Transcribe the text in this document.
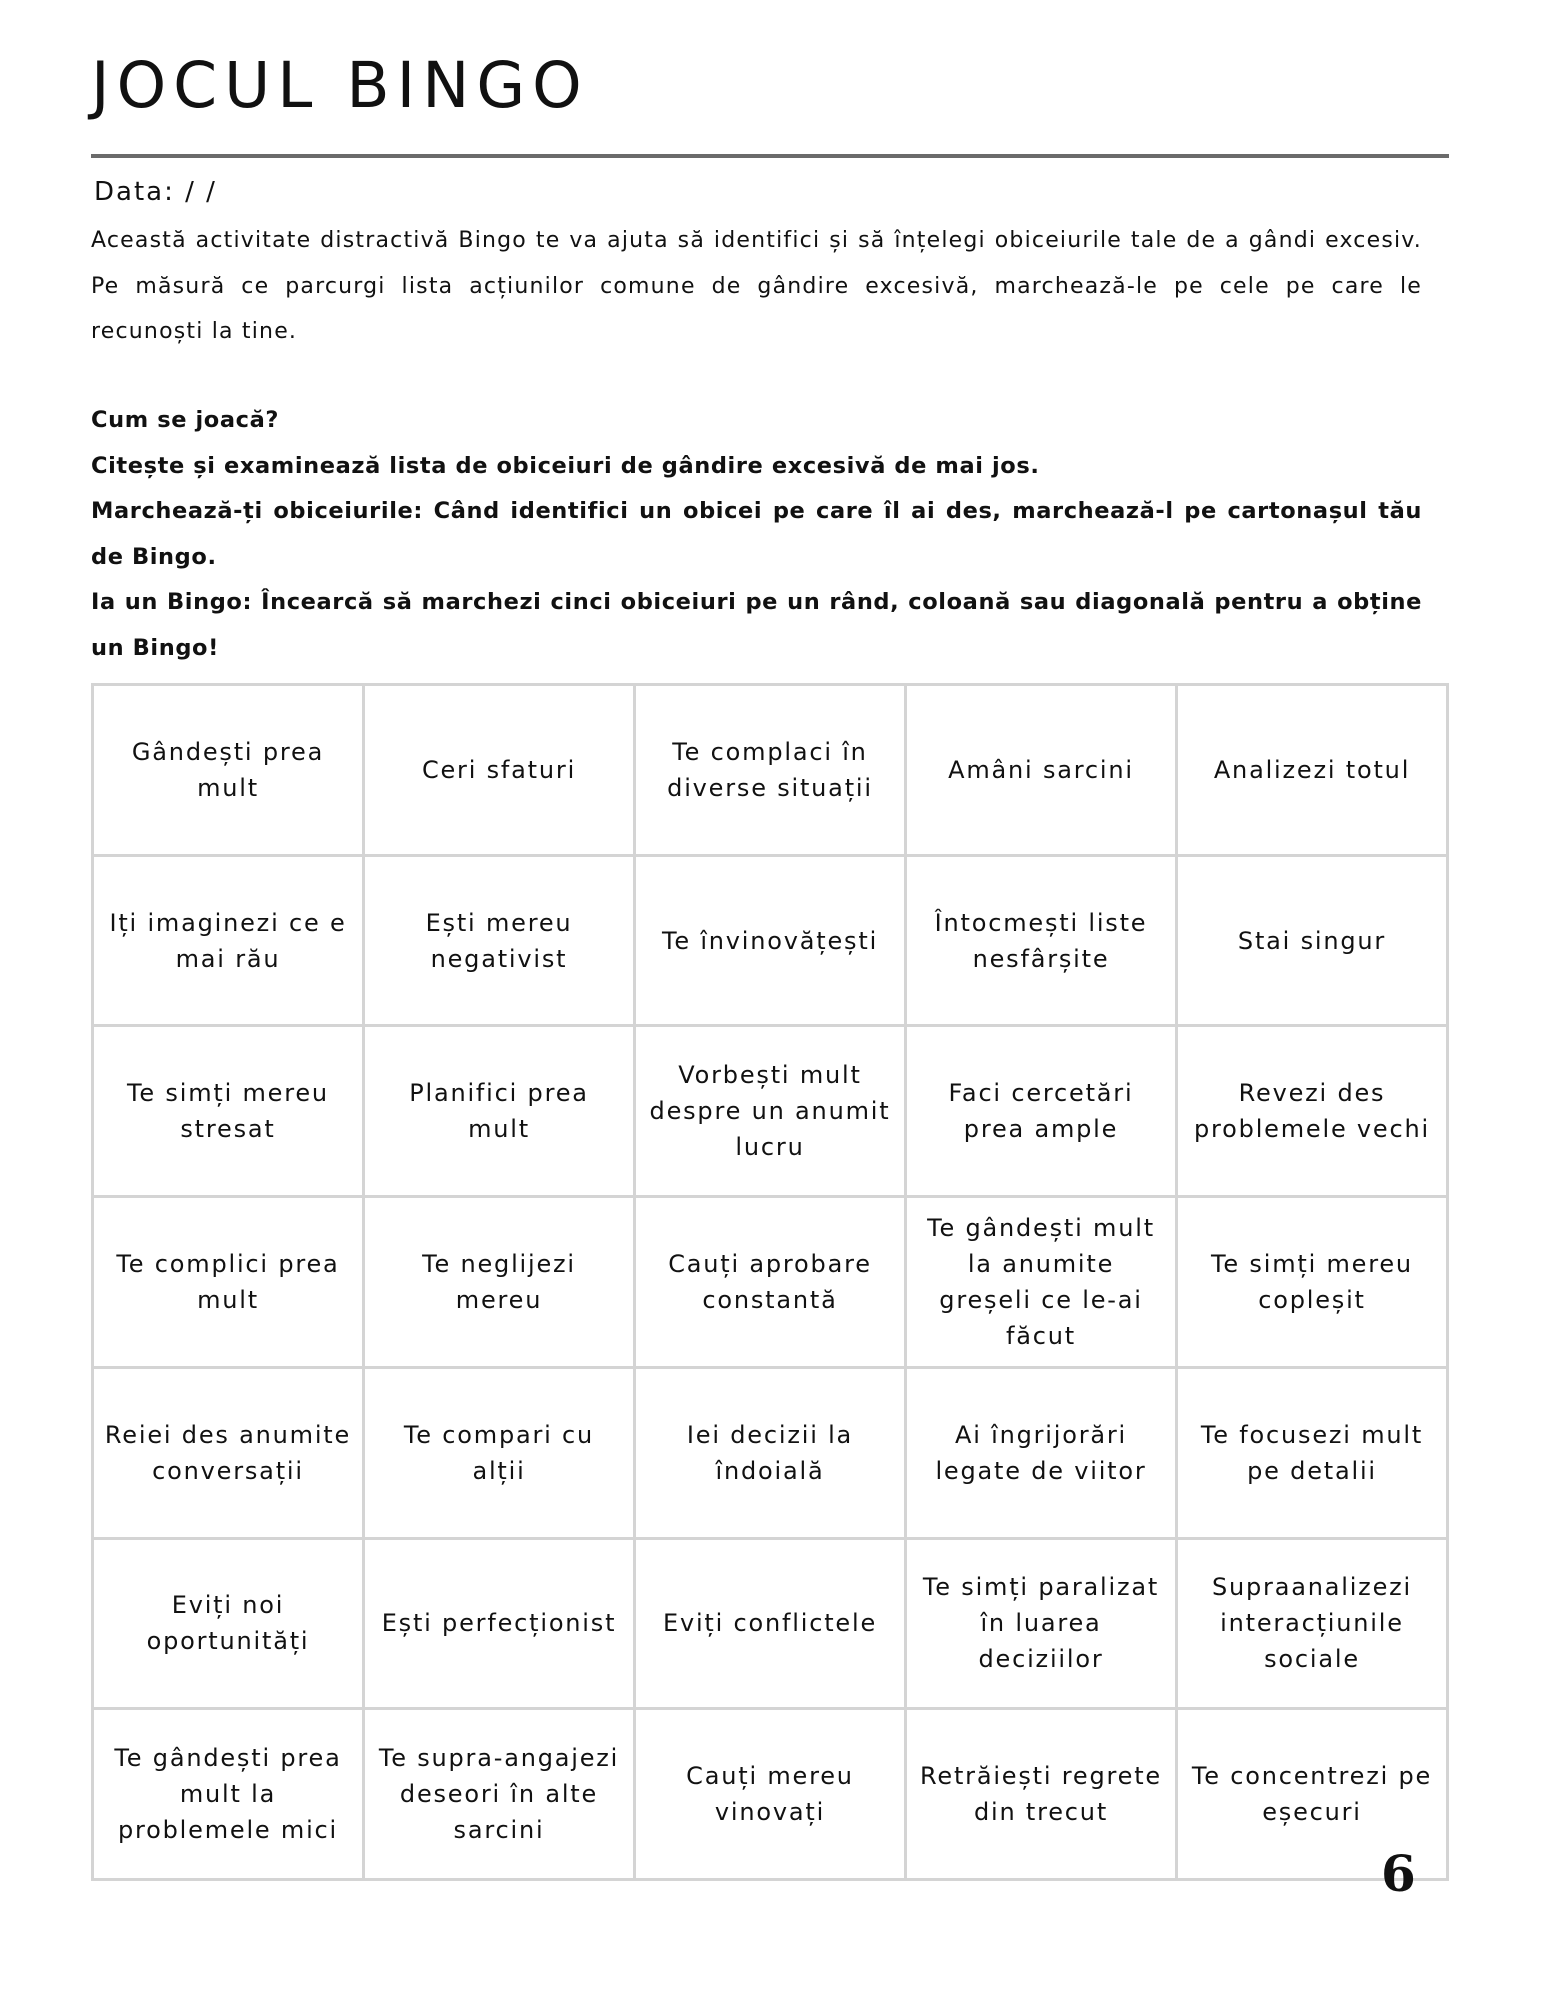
JOCUL BINGO
Data: / /

Această activitate distractivă Bingo te va ajuta să identifici și să înțelegi obiceiurile tale de a gândi excesiv. Pe măsură ce parcurgi lista acțiunilor comune de gândire excesivă, marchează-le pe cele pe care le recunoști la tine.

Cum se joacă?

Citește și examinează lista de obiceiuri de gândire excesivă de mai jos.

Marchează-ți obiceiurile: Când identifici un obicei pe care îl ai des, marchează-l pe cartonașul tău de Bingo.

Ia un Bingo: Încearcă să marchezi cinci obiceiuri pe un rând, coloană sau diagonală pentru a obține un Bingo!

Gândești prea mult
Ceri sfaturi
Te complaci în diverse situații
Amâni sarcini	Analizezi totul
Iți imaginezi ce e mai rău
Ești mereu negativist
Te învinovățești
Întocmești liste nesfârșite
Stai singur
Te simți mereu stresat
Planifici prea mult
Vorbești mult despre un anumit lucru
Faci cercetări prea ample
Revezi des problemele vechi
Te complici prea mult
Te neglijezi mereu
Cauți aprobare constantă
Te gândești mult la anumite greșeli ce le-ai făcut
Te simți mereu copleșit
Reiei des anumite conversații
Te compari cu alții
Iei decizii la îndoială
Ai îngrijorări legate de viitor
Te focusezi mult pe detalii
Eviți noi oportunități
Ești perfecționist	Eviți conflictele
Te simți paralizat în luarea deciziilor
Supraanalizezi interacțiunile sociale
Te gândești prea mult la problemele mici
Te supra-angajezi deseori în alte sarcini
Cauți mereu vinovați
Retrăiești regrete din trecut
Te concentrezi pe eșecuri
6
